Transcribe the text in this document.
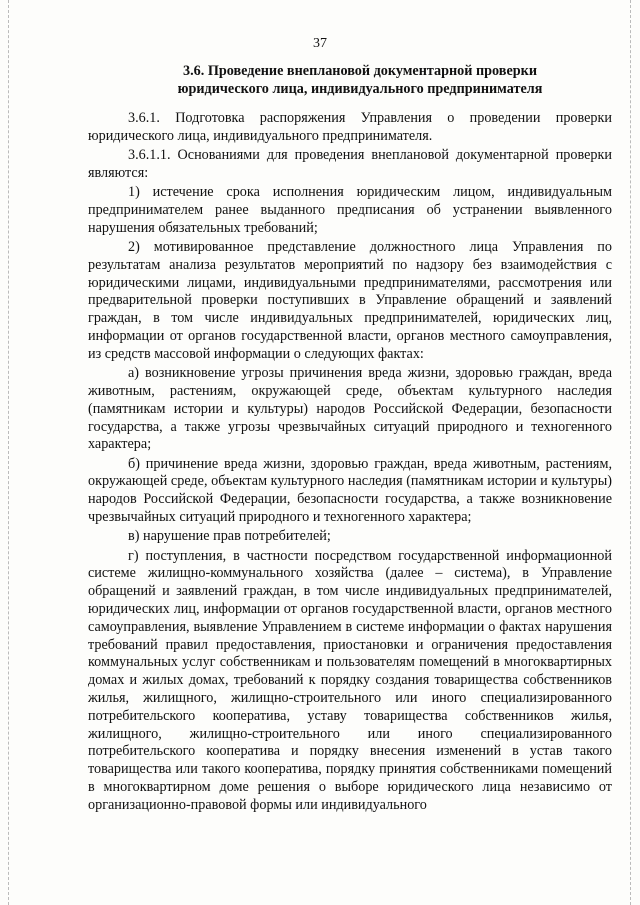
37
3.6. Проведение внеплановой документарной проверки
юридического лица, индивидуального предпринимателя

3.6.1. Подготовка распоряжения Управления о проведении проверки юридического лица, индивидуального предпринимателя.

3.6.1.1. Основаниями для проведения внеплановой документарной проверки являются:

1) истечение срока исполнения юридическим лицом, индивидуальным предпринимателем ранее выданного предписания об устранении выявленного нарушения обязательных требований;

2) мотивированное представление должностного лица Управления по результатам анализа результатов мероприятий по надзору без взаимодействия с юридическими лицами, индивидуальными предпринимателями, рассмотрения или предварительной проверки поступивших в Управление обращений и заявлений граждан, в том числе индивидуальных предпринимателей, юридических лиц, информации от органов государственной власти, органов местного самоуправления, из средств массовой информации о следующих фактах:

а) возникновение угрозы причинения вреда жизни, здоровью граждан, вреда животным, растениям, окружающей среде, объектам культурного наследия (памятникам истории и культуры) народов Российской Федерации, безопасности государства, а также угрозы чрезвычайных ситуаций природного и техногенного характера;

б) причинение вреда жизни, здоровью граждан, вреда животным, растениям, окружающей среде, объектам культурного наследия (памятникам истории и культуры) народов Российской Федерации, безопасности государства, а также возникновение чрезвычайных ситуаций природного и техногенного характера;

в) нарушение прав потребителей;

г) поступления, в частности посредством государственной информационной системе жилищно-коммунального хозяйства (далее – система), в Управление обращений и заявлений граждан, в том числе индивидуальных предпринимателей, юридических лиц, информации от органов государственной власти, органов местного самоуправления, выявление Управлением в системе информации о фактах нарушения требований правил предоставления, приостановки и ограничения предоставления коммунальных услуг собственникам и пользователям помещений в многоквартирных домах и жилых домах, требований к порядку создания товарищества собственников жилья, жилищного, жилищно-строительного или иного специализированного потребительского кооператива, уставу товарищества собственников жилья, жилищного, жилищно-строительного или иного специализированного потребительского кооператива и порядку внесения изменений в устав такого товарищества или такого кооператива, порядку принятия собственниками помещений в многоквартирном доме решения о выборе юридического лица независимо от организационно-правовой формы или индивидуального
